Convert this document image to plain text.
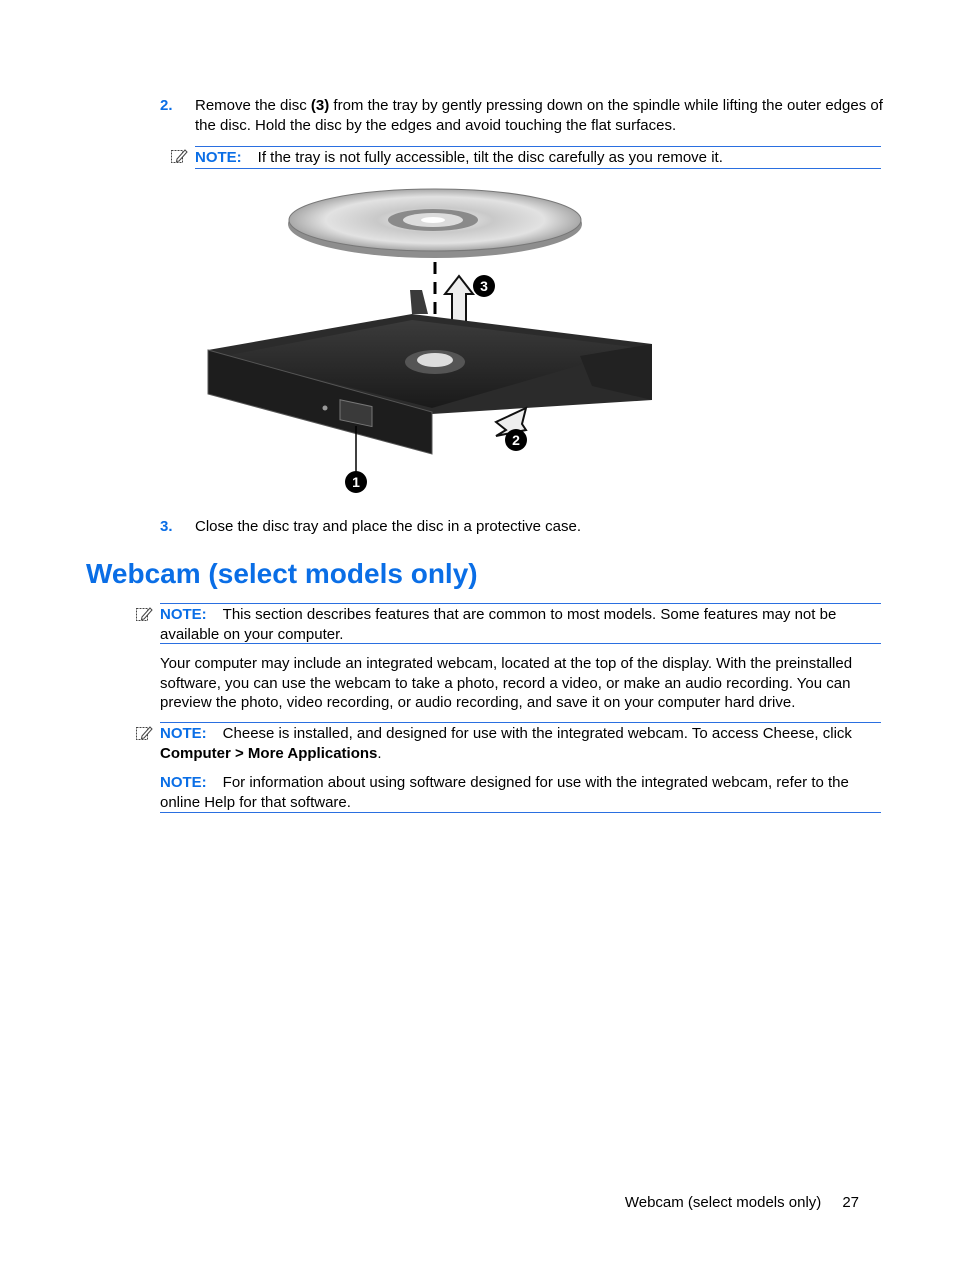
2. Remove the disc (3) from the tray by gently pressing down on the spindle while lifting the outer edges of the disc. Hold the disc by the edges and avoid touching the flat surfaces.
NOTE: If the tray is not fully accessible, tilt the disc carefully as you remove it.
1
2
3
3. Close the disc tray and place the disc in a protective case.
Webcam (select models only)
NOTE: This section describes features that are common to most models. Some features may not be available on your computer.
Your computer may include an integrated webcam, located at the top of the display. With the preinstalled software, you can use the webcam to take a photo, record a video, or make an audio recording. You can preview the photo, video recording, or audio recording, and save it on your computer hard drive.
NOTE: Cheese is installed, and designed for use with the integrated webcam. To access Cheese, click Computer > More Applications.
NOTE: For information about using software designed for use with the integrated webcam, refer to the online Help for that software.
Webcam (select models only) 27
